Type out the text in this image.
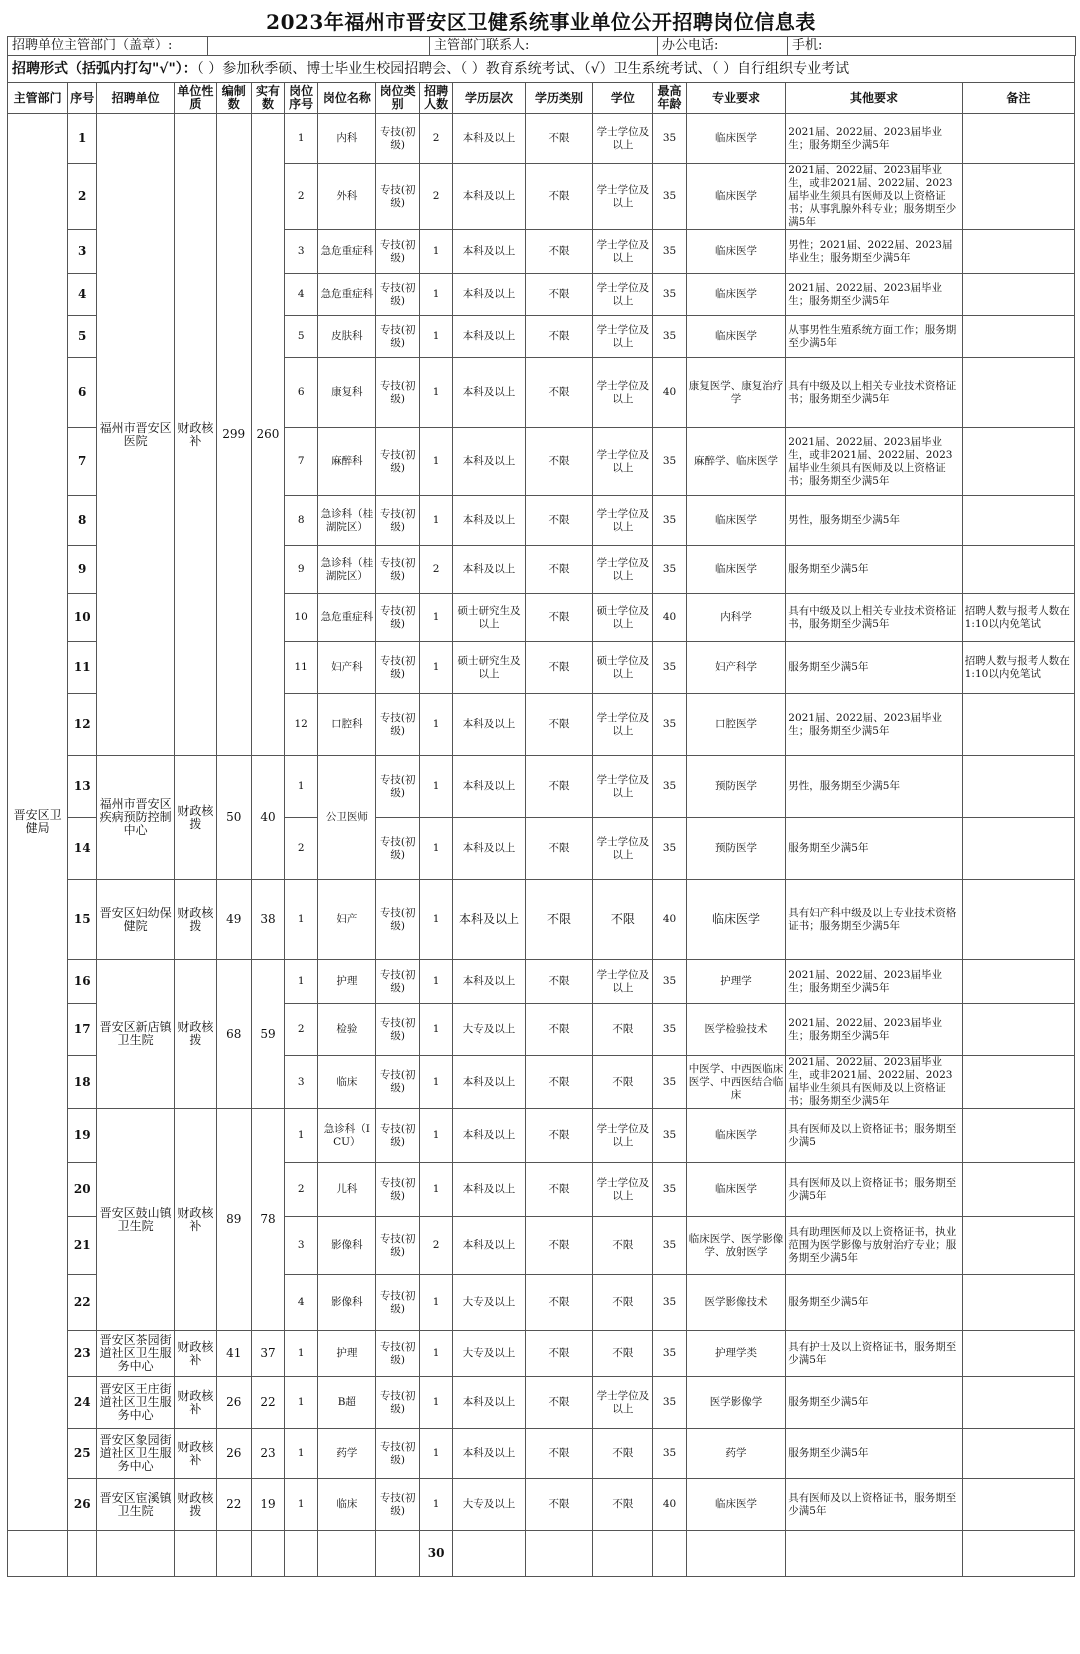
2023年福州市晋安区卫健系统事业单位公开招聘岗位信息表
招聘单位主管部门（盖章）:		主管部门联系人:	办公电话:	手机:
招聘形式（括弧内打勾"√"）：（ ）参加秋季硕、博士毕业生校园招聘会、（ ）教育系统考试、（√）卫生系统考试、（ ）自行组织专业考试
主管部门	序号	招聘单位	单位性质	编制数	实有数	岗位序号	岗位名称	岗位类别	招聘人数	学历层次	学历类别	学位	最高年龄	专业要求	其他要求	备注
晋安区卫健局	1	福州市晋安区医院	财政核补	299	260	1	内科	专技(初级)	2	本科及以上	不限	学士学位及以上	35	临床医学	2021届、2022届、2023届毕业生；服务期至少满5年	
	2					2	外科	专技(初级)	2	本科及以上	不限	学士学位及以上	35	临床医学	2021届、2022届、2023届毕业生，或非2021届、2022届、2023届毕业生须具有医师及以上资格证书；从事乳腺外科专业；服务期至少满5年	
	3					3	急危重症科	专技(初级)	1	本科及以上	不限	学士学位及以上	35	临床医学	男性；2021届、2022届、2023届毕业生；服务期至少满5年	
	4					4	急危重症科	专技(初级)	1	本科及以上	不限	学士学位及以上	35	临床医学	2021届、2022届、2023届毕业生；服务期至少满5年	
	5					5	皮肤科	专技(初级)	1	本科及以上	不限	学士学位及以上	35	临床医学	从事男性生殖系统方面工作；服务期至少满5年	
	6					6	康复科	专技(初级)	1	本科及以上	不限	学士学位及以上	40	康复医学、康复治疗学	具有中级及以上相关专业技术资格证书；服务期至少满5年	
	7					7	麻醉科	专技(初级)	1	本科及以上	不限	学士学位及以上	35	麻醉学、临床医学	2021届、2022届、2023届毕业生，或非2021届、2022届、2023届毕业生须具有医师及以上资格证书；服务期至少满5年	
	8					8	急诊科（桂湖院区）	专技(初级)	1	本科及以上	不限	学士学位及以上	35	临床医学	男性，服务期至少满5年	
	9					9	急诊科（桂湖院区）	专技(初级)	2	本科及以上	不限	学士学位及以上	35	临床医学	服务期至少满5年	
	10					10	急危重症科	专技(初级)	1	硕士研究生及以上	不限	硕士学位及以上	40	内科学	具有中级及以上相关专业技术资格证书，服务期至少满5年	招聘人数与报考人数在1:10以内免笔试
	11					11	妇产科	专技(初级)	1	硕士研究生及以上	不限	硕士学位及以上	35	妇产科学	服务期至少满5年	招聘人数与报考人数在1:10以内免笔试
	12					12	口腔科	专技(初级)	1	本科及以上	不限	学士学位及以上	35	口腔医学	2021届、2022届、2023届毕业生；服务期至少满5年	
	13	福州市晋安区疾病预防控制中心	财政核拨	50	40	1	公卫医师	专技(初级)	1	本科及以上	不限	学士学位及以上	35	预防医学	男性，服务期至少满5年	
	14					2		专技(初级)	1	本科及以上	不限	学士学位及以上	35	预防医学	服务期至少满5年	
	15	晋安区妇幼保健院	财政核拨	49	38	1	妇产	专技(初级)	1	本科及以上	不限	不限	40	临床医学	具有妇产科中级及以上专业技术资格证书；服务期至少满5年	
	16	晋安区新店镇卫生院	财政核拨	68	59	1	护理	专技(初级)	1	本科及以上	不限	学士学位及以上	35	护理学	2021届、2022届、2023届毕业生；服务期至少满5年	
	17					2	检验	专技(初级)	1	大专及以上	不限	不限	35	医学检验技术	2021届、2022届、2023届毕业生；服务期至少满5年	
	18					3	临床	专技(初级)	1	本科及以上	不限	不限	35	中医学、中西医临床医学、中西医结合临床	2021届、2022届、2023届毕业生，或非2021届、2022届、2023届毕业生须具有医师及以上资格证书；服务期至少满5年	
	19	晋安区鼓山镇卫生院	财政核补	89	78	1	急诊科（ICU）	专技(初级)	1	本科及以上	不限	学士学位及以上	35	临床医学	具有医师及以上资格证书；服务期至少满5	
	20					2	儿科	专技(初级)	1	本科及以上	不限	学士学位及以上	35	临床医学	具有医师及以上资格证书；服务期至少满5年	
	21					3	影像科	专技(初级)	2	本科及以上	不限	不限	35	临床医学、医学影像学、放射医学	具有助理医师及以上资格证书，执业范围为医学影像与放射治疗专业；服务期至少满5年	
	22					4	影像科	专技(初级)	1	大专及以上	不限	不限	35	医学影像技术	服务期至少满5年	
	23	晋安区茶园街道社区卫生服务中心	财政核补	41	37	1	护理	专技(初级)	1	大专及以上	不限	不限	35	护理学类	具有护士及以上资格证书，服务期至少满5年	
	24	晋安区王庄街道社区卫生服务中心	财政核补	26	22	1	B超	专技(初级)	1	本科及以上	不限	学士学位及以上	35	医学影像学	服务期至少满5年	
	25	晋安区象园街道社区卫生服务中心	财政核补	26	23	1	药学	专技(初级)	1	本科及以上	不限	不限	35	药学	服务期至少满5年	
	26	晋安区宦溪镇卫生院	财政核拨	22	19	1	临床	专技(初级)	1	大专及以上	不限	不限	40	临床医学	具有医师及以上资格证书，服务期至少满5年	
									30							
